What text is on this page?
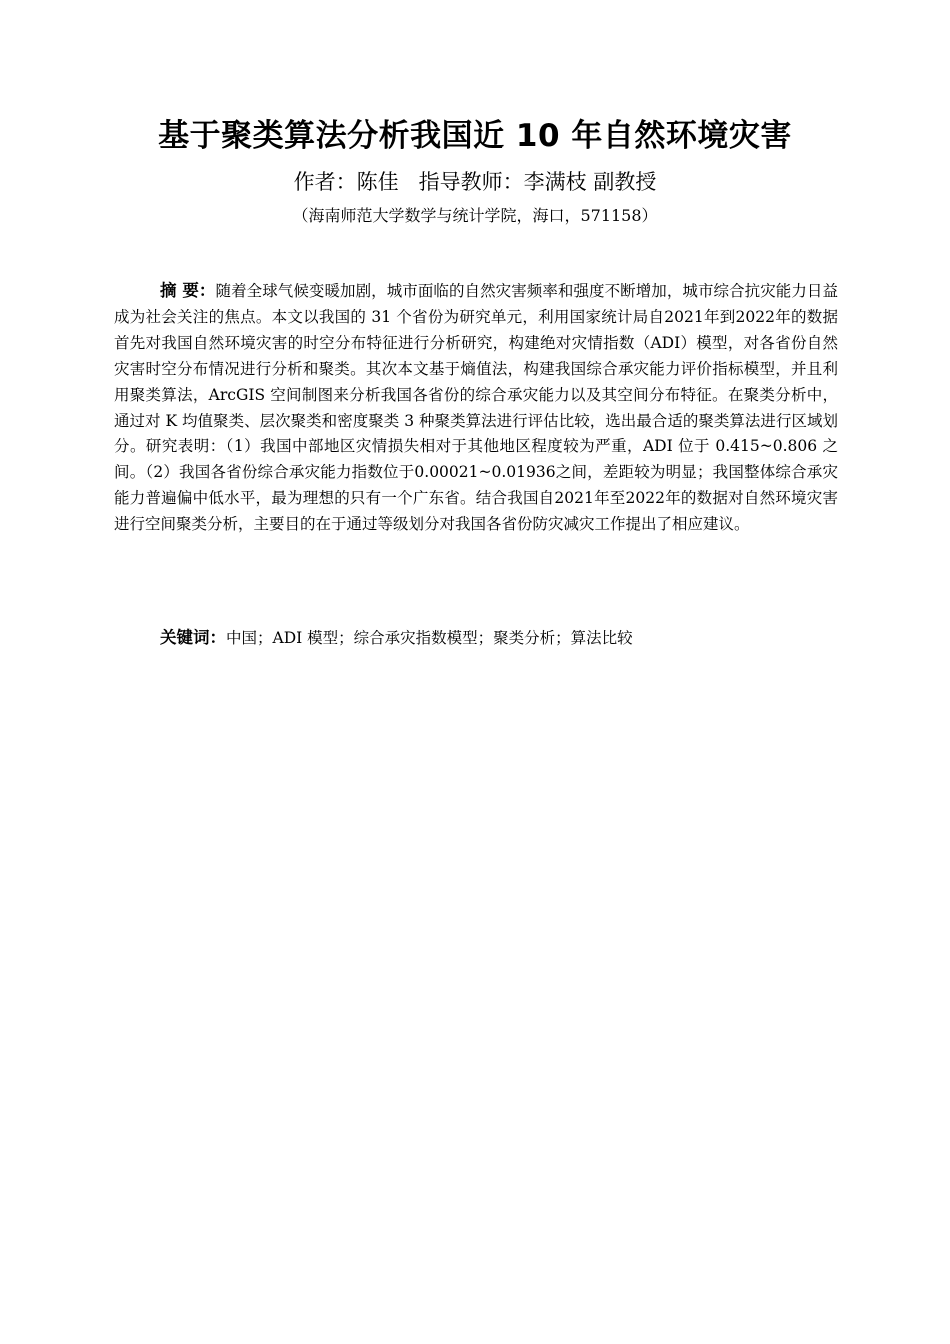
基于聚类算法分析我国近 10 年自然环境灾害
作者：陈佳   指导教师：李满枝 副教授
（海南师范大学数学与统计学院，海口，571158）

摘 要：随着全球气候变暖加剧，城市面临的自然灾害频率和强度不断增加，城市综合抗灾能力日益成为社会关注的焦点。本文以我国的 31 个省份为研究单元，利用国家统计局自2021年到2022年的数据首先对我国自然环境灾害的时空分布特征进行分析研究，构建绝对灾情指数（ADI）模型，对各省份自然灾害时空分布情况进行分析和聚类。其次本文基于熵值法，构建我国综合承灾能力评价指标模型，并且利用聚类算法，ArcGIS 空间制图来分析我国各省份的综合承灾能力以及其空间分布特征。在聚类分析中，通过对 K 均值聚类、层次聚类和密度聚类 3 种聚类算法进行评估比较，选出最合适的聚类算法进行区域划分。研究表明：（1）我国中部地区灾情损失相对于其他地区程度较为严重，ADI 位于 0.415~0.806 之间。（2）我国各省份综合承灾能力指数位于0.00021~0.01936之间，差距较为明显；我国整体综合承灾能力普遍偏中低水平，最为理想的只有一个广东省。结合我国自2021年至2022年的数据对自然环境灾害进行空间聚类分析，主要目的在于通过等级划分对我国各省份防灾减灾工作提出了相应建议。

关键词：中国；ADI 模型；综合承灾指数模型；聚类分析；算法比较
